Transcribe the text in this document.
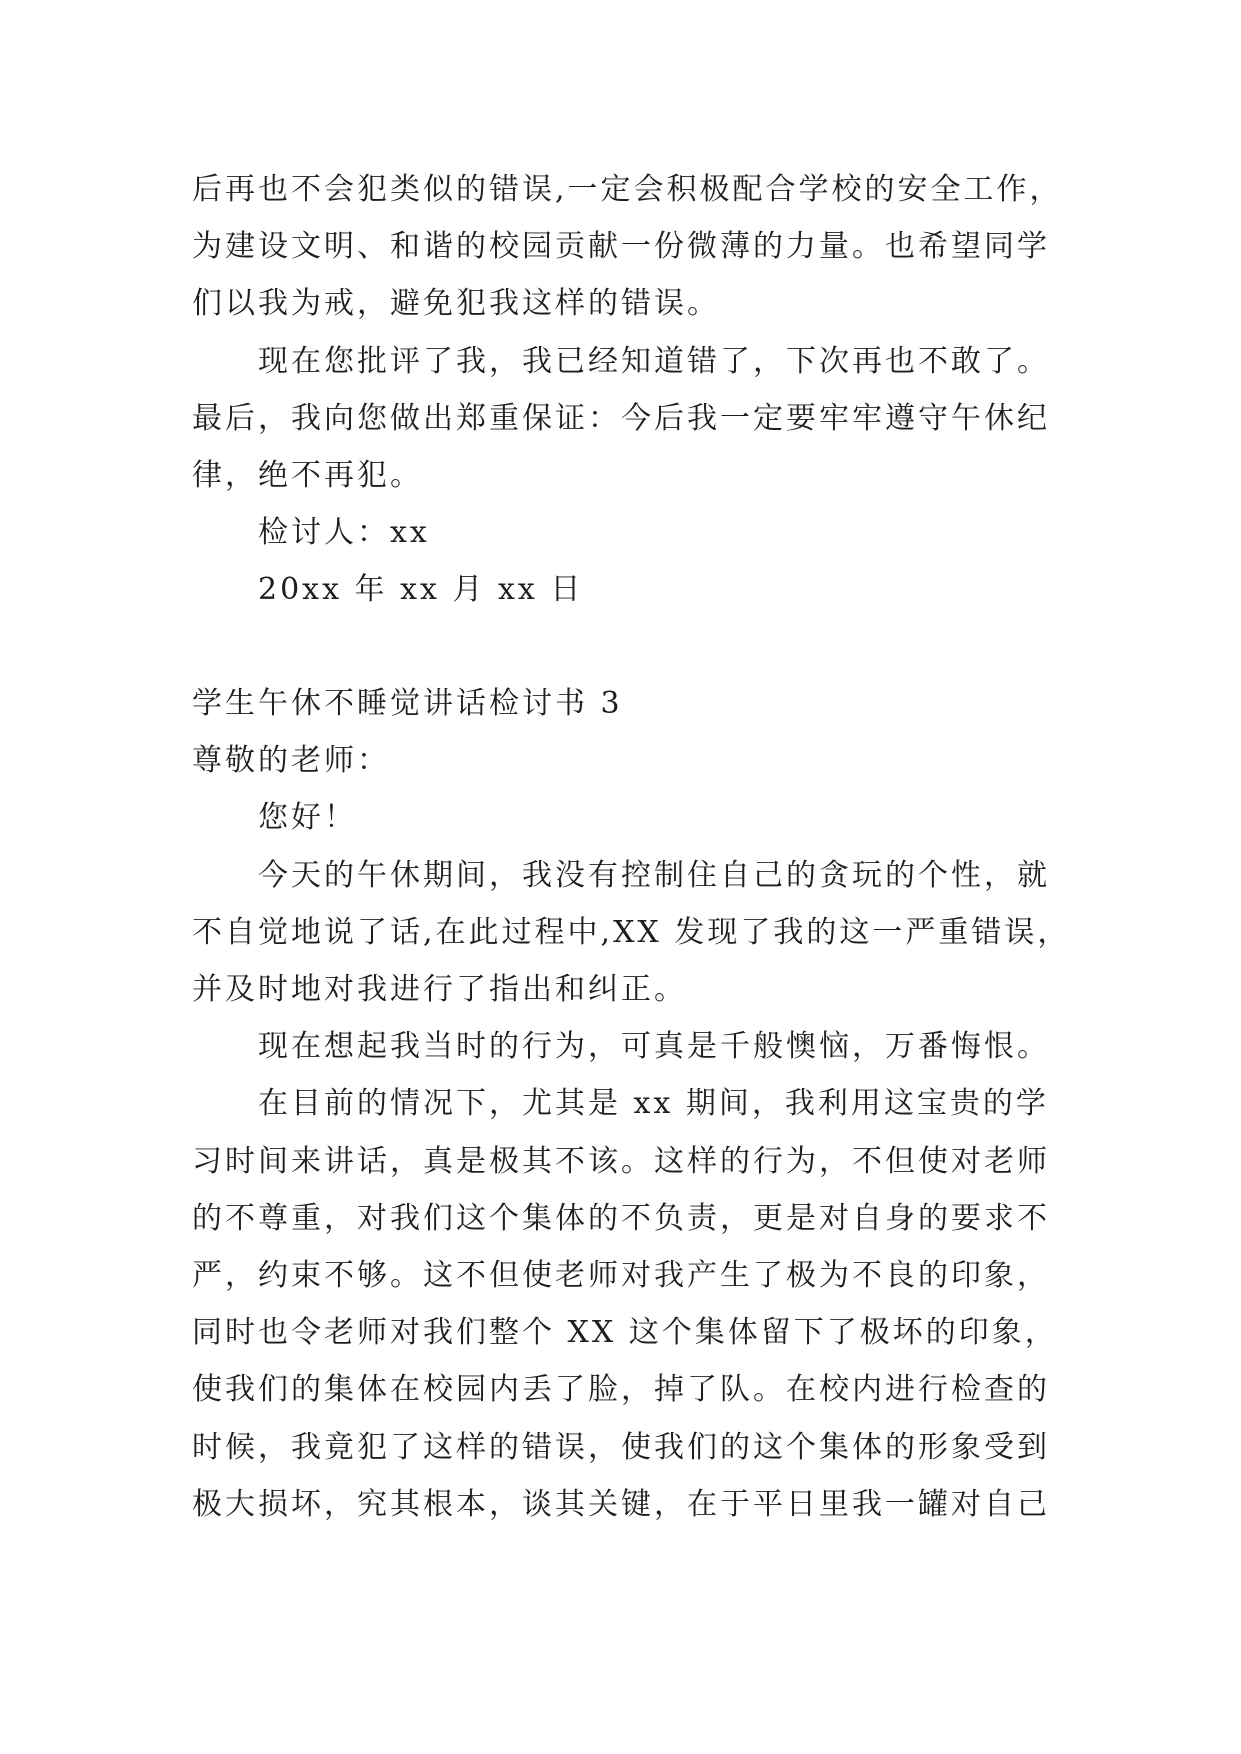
后再也不会犯类似的错误,一定会积极配合学校的安全工作，
为建设文明、和谐的校园贡献一份微薄的力量。也希望同学
们以我为戒，避免犯我这样的错误。
现在您批评了我，我已经知道错了，下次再也不敢了。
最后，我向您做出郑重保证：今后我一定要牢牢遵守午休纪
律，绝不再犯。
检讨人：xx
20xx 年 xx 月 xx 日
学生午休不睡觉讲话检讨书 3
尊敬的老师：
您好！
今天的午休期间，我没有控制住自己的贪玩的个性，就
不自觉地说了话,在此过程中,XX 发现了我的这一严重错误，
并及时地对我进行了指出和纠正。
现在想起我当时的行为，可真是千般懊恼，万番悔恨。
在目前的情况下，尤其是 xx 期间，我利用这宝贵的学
习时间来讲话，真是极其不该。这样的行为，不但使对老师
的不尊重，对我们这个集体的不负责，更是对自身的要求不
严，约束不够。这不但使老师对我产生了极为不良的印象，
同时也令老师对我们整个 XX 这个集体留下了极坏的印象，
使我们的集体在校园内丢了脸，掉了队。在校内进行检查的
时候，我竟犯了这样的错误，使我们的这个集体的形象受到
极大损坏，究其根本，谈其关键，在于平日里我一罐对自己
